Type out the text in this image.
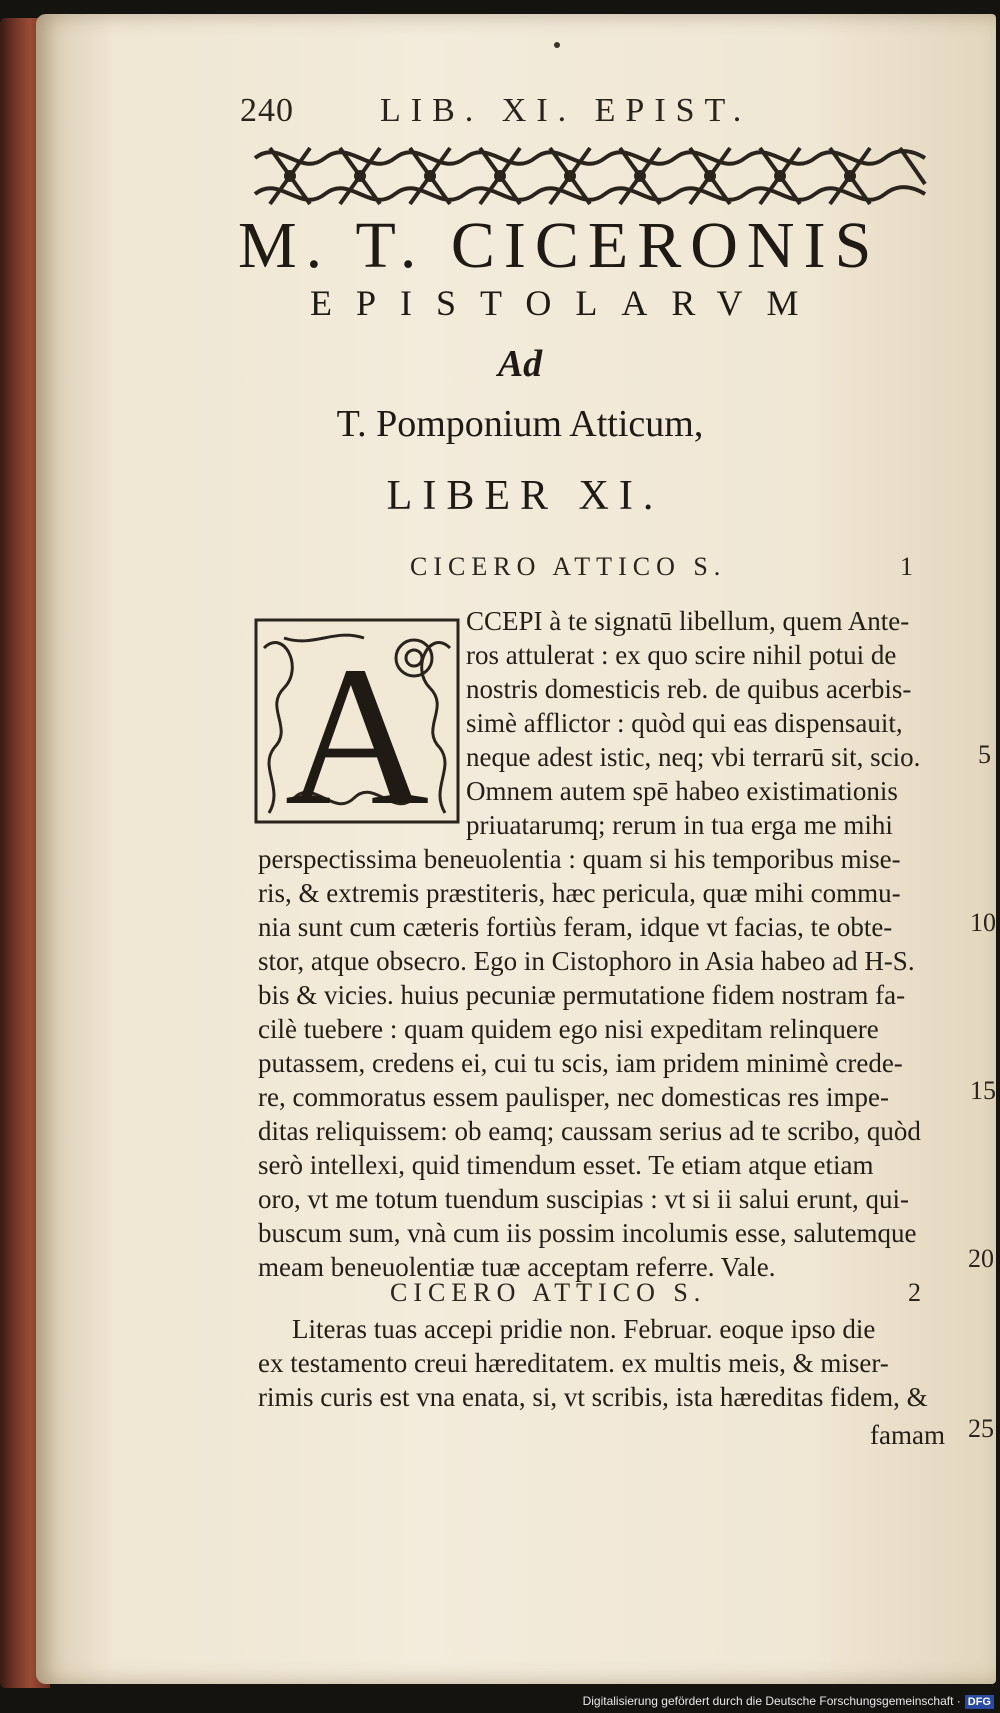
240	LIB. XI. EPIST.
M. T. CICERONIS
EPISTOLARVM
Ad
T. Pomponium Atticum,
LIBER XI.
CICERO ATTICO S.	1
A
CCEPI à te signatū libellum, quem Ante-
ros attulerat : ex quo scire nihil potui de
nostris domesticis reb. de quibus acerbis-
simè afflictor : quòd qui eas dispensauit,
neque adest istic, neq; vbi terrarū sit, scio.
Omnem autem spē habeo existimationis
priuatarumq; rerum in tua erga me mihi
perspectissima beneuolentia : quam si his temporibus mise-
ris, & extremis præstiteris, hæc pericula, quæ mihi commu-
nia sunt cum cæteris fortiùs feram, idque vt facias, te obte-
stor, atque obsecro. Ego in Cistophoro in Asia habeo ad H-S.
bis & vicies. huius pecuniæ permutatione fidem nostram fa-
cilè tuebere : quam quidem ego nisi expeditam relinquere
putassem, credens ei, cui tu scis, iam pridem minimè crede-
re, commoratus essem paulisper, nec domesticas res impe-
ditas reliquissem: ob eamq; caussam serius ad te scribo, quòd
serò intellexi, quid timendum esset. Te etiam atque etiam
oro, vt me totum tuendum suscipias : vt si ii salui erunt, qui-
buscum sum, vnà cum iis possim incolumis esse, salutemque
meam beneuolentiæ tuæ acceptam referre. Vale.
CICERO ATTICO S.	2
Literas tuas accepi pridie non. Februar. eoque ipso die
ex testamento creui hæreditatem. ex multis meis, & miser-
rimis curis est vna enata, si, vt scribis, ista hæreditas fidem, &
famam
5
10
15
20
25
Digitalisierung gefördert durch die Deutsche Forschungsgemeinschaft · DFG
